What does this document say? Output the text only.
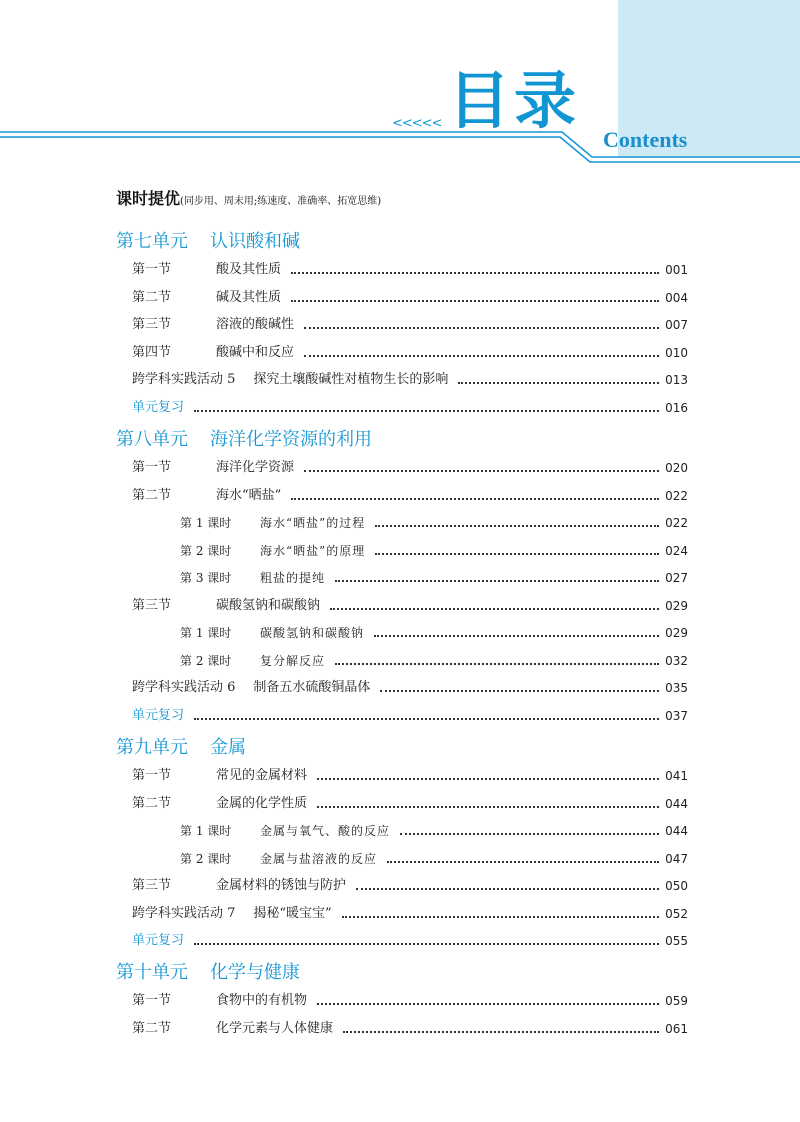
<<<<< 目录
Contents
课时提优(同步用、周末用;练速度、准确率、拓宽思维)
第七单元 认识酸和碱
第一节	酸及其性质	001
第二节	碱及其性质	004
第三节	溶液的酸碱性	007
第四节	酸碱中和反应	010
跨学科实践活动 5 探究土壤酸碱性对植物生长的影响	013
单元复习	016
第八单元 海洋化学资源的利用
第一节	海洋化学资源	020
第二节	海水“晒盐”	022
第 1 课时	海水“晒盐”的过程	022
第 2 课时	海水“晒盐”的原理	024
第 3 课时	粗盐的提纯	027
第三节	碳酸氢钠和碳酸钠	029
第 1 课时	碳酸氢钠和碳酸钠	029
第 2 课时	复分解反应	032
跨学科实践活动 6 制备五水硫酸铜晶体	035
单元复习	037
第九单元 金属
第一节	常见的金属材料	041
第二节	金属的化学性质	044
第 1 课时	金属与氧气、酸的反应	044
第 2 课时	金属与盐溶液的反应	047
第三节	金属材料的锈蚀与防护	050
跨学科实践活动 7 揭秘“暖宝宝”	052
单元复习	055
第十单元 化学与健康
第一节	食物中的有机物	059
第二节	化学元素与人体健康	061
